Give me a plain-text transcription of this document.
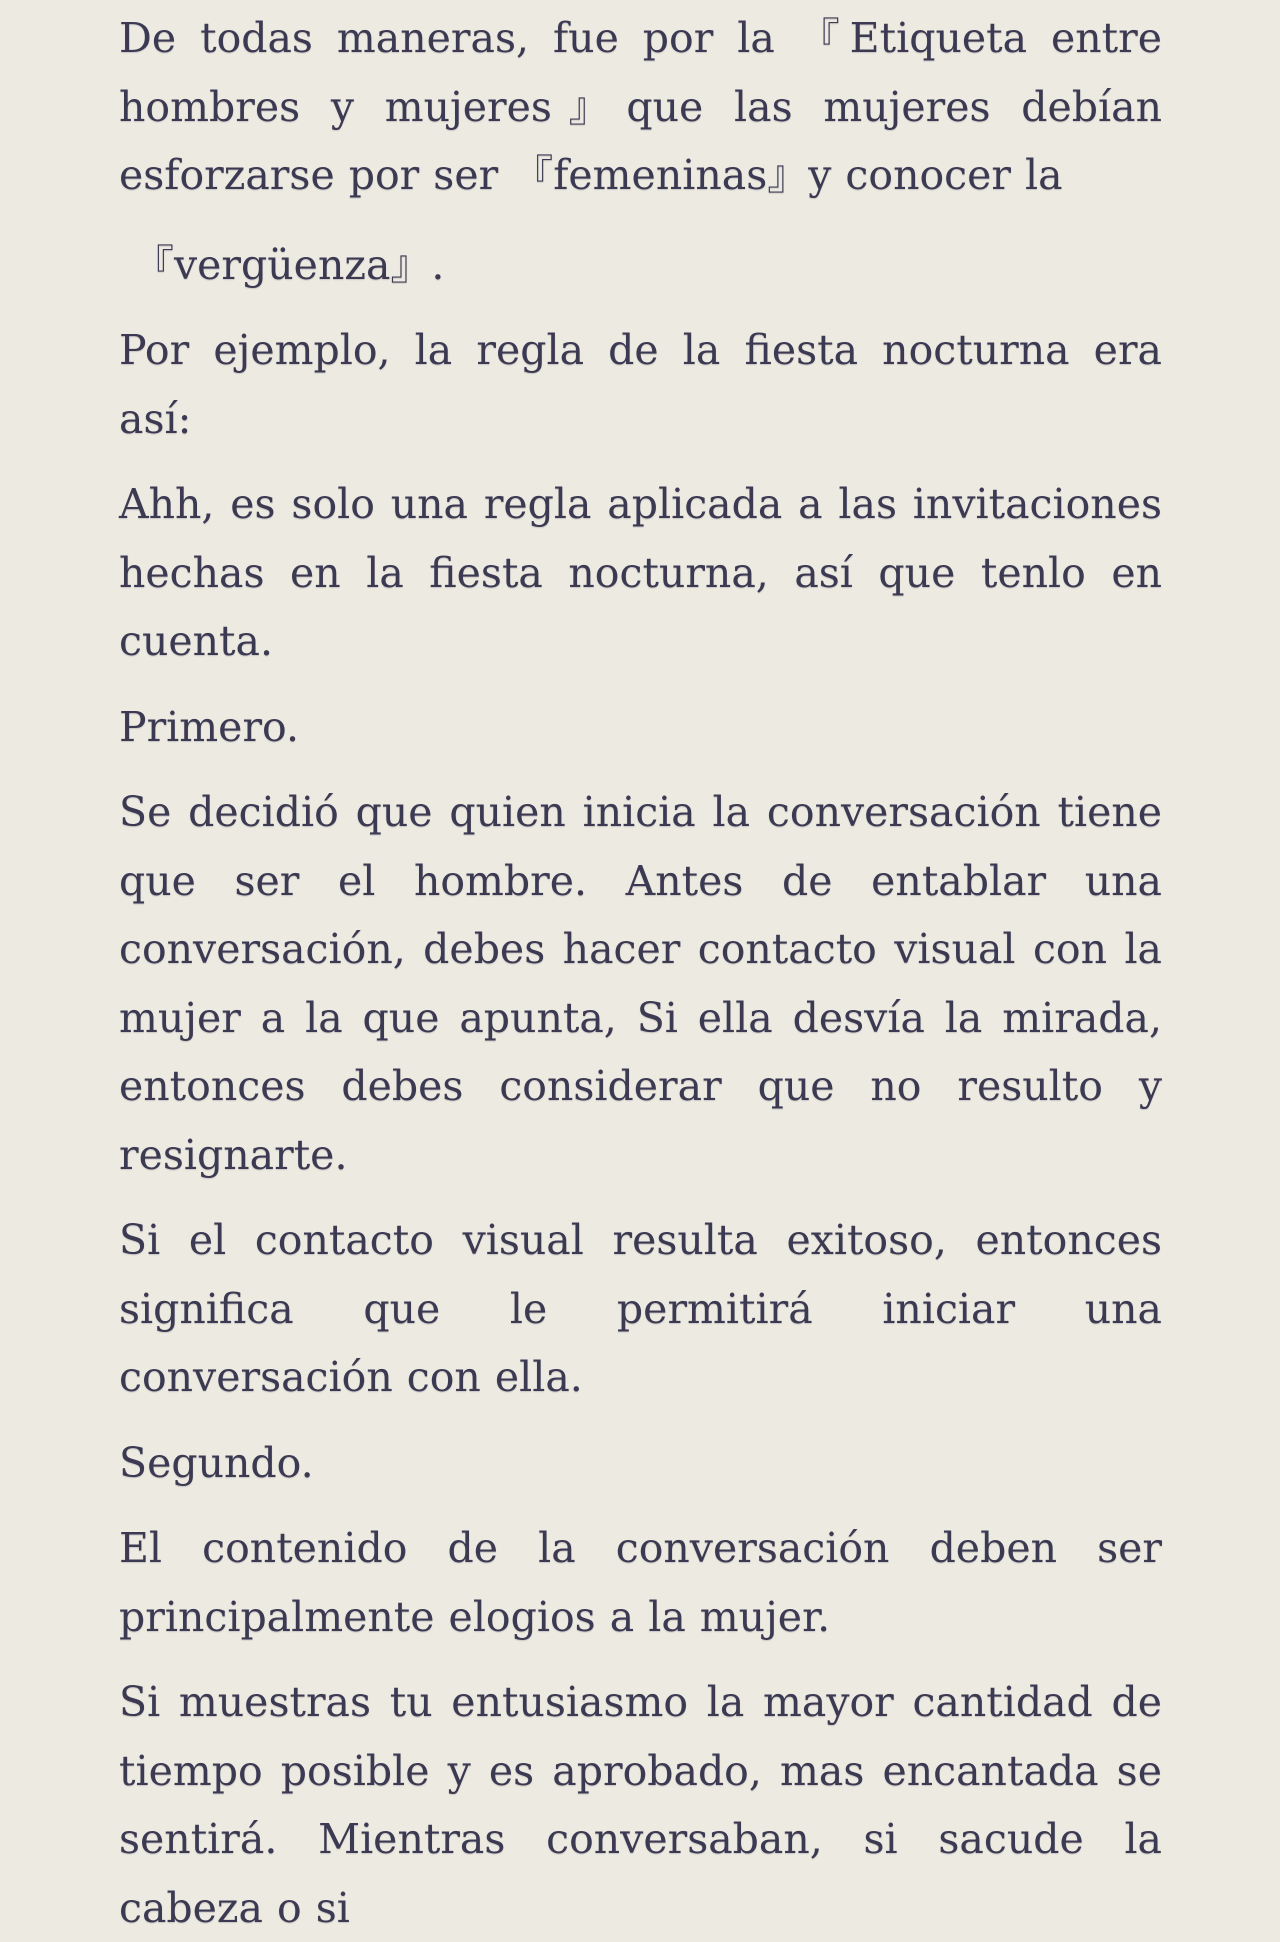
De todas maneras, fue por la 『Etiqueta entre hombres y mujeres』que las mujeres debían esforzarse por ser 『femeninas』y conocer la

『vergüenza』.

Por ejemplo, la regla de la fiesta nocturna era así:

Ahh, es solo una regla aplicada a las invitaciones hechas en la fiesta nocturna, así que tenlo en cuenta.

Primero.

Se decidió que quien inicia la conversación tiene que ser el hombre. Antes de entablar una conversación, debes hacer contacto visual con la mujer a la que apunta, Si ella desvía la mirada, entonces debes considerar que no resulto y resignarte.

Si el contacto visual resulta exitoso, entonces significa que le permitirá iniciar una conversación con ella.

Segundo.

El contenido de la conversación deben ser principalmente elogios a la mujer.

Si muestras tu entusiasmo la mayor cantidad de tiempo posible y es aprobado, mas encantada se sentirá. Mientras conversaban, si sacude la cabeza o si
